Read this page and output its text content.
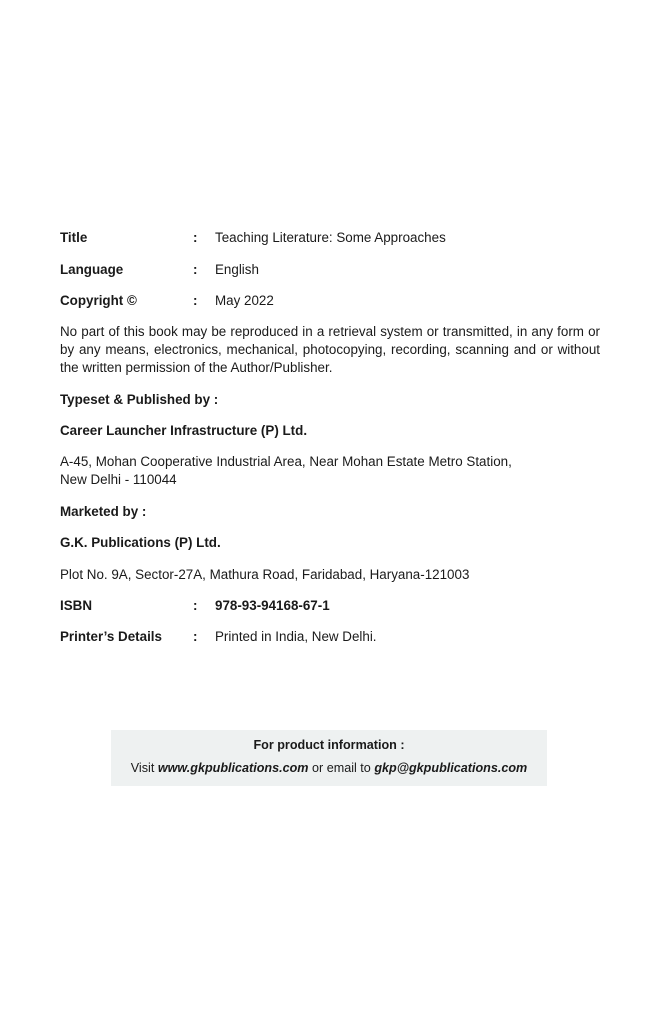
Title	: Teaching Literature: Some Approaches
Language	: English
Copyright ©	: May 2022
No part of this book may be reproduced in a retrieval system or transmitted, in any form or by any means, electronics, mechanical, photocopying, recording, scanning and or without the written permission of the Author/Publisher.
Typeset & Published by :
Career Launcher Infrastructure (P) Ltd.
A-45, Mohan Cooperative Industrial Area, Near Mohan Estate Metro Station,
New Delhi - 110044
Marketed by :
G.K. Publications (P) Ltd.
Plot No. 9A, Sector-27A, Mathura Road, Faridabad, Haryana-121003
ISBN	: 978-93-94168-67-1
Printer’s Details : Printed in India, New Delhi.
For product information :
Visit www.gkpublications.com or email to gkp@gkpublications.com
